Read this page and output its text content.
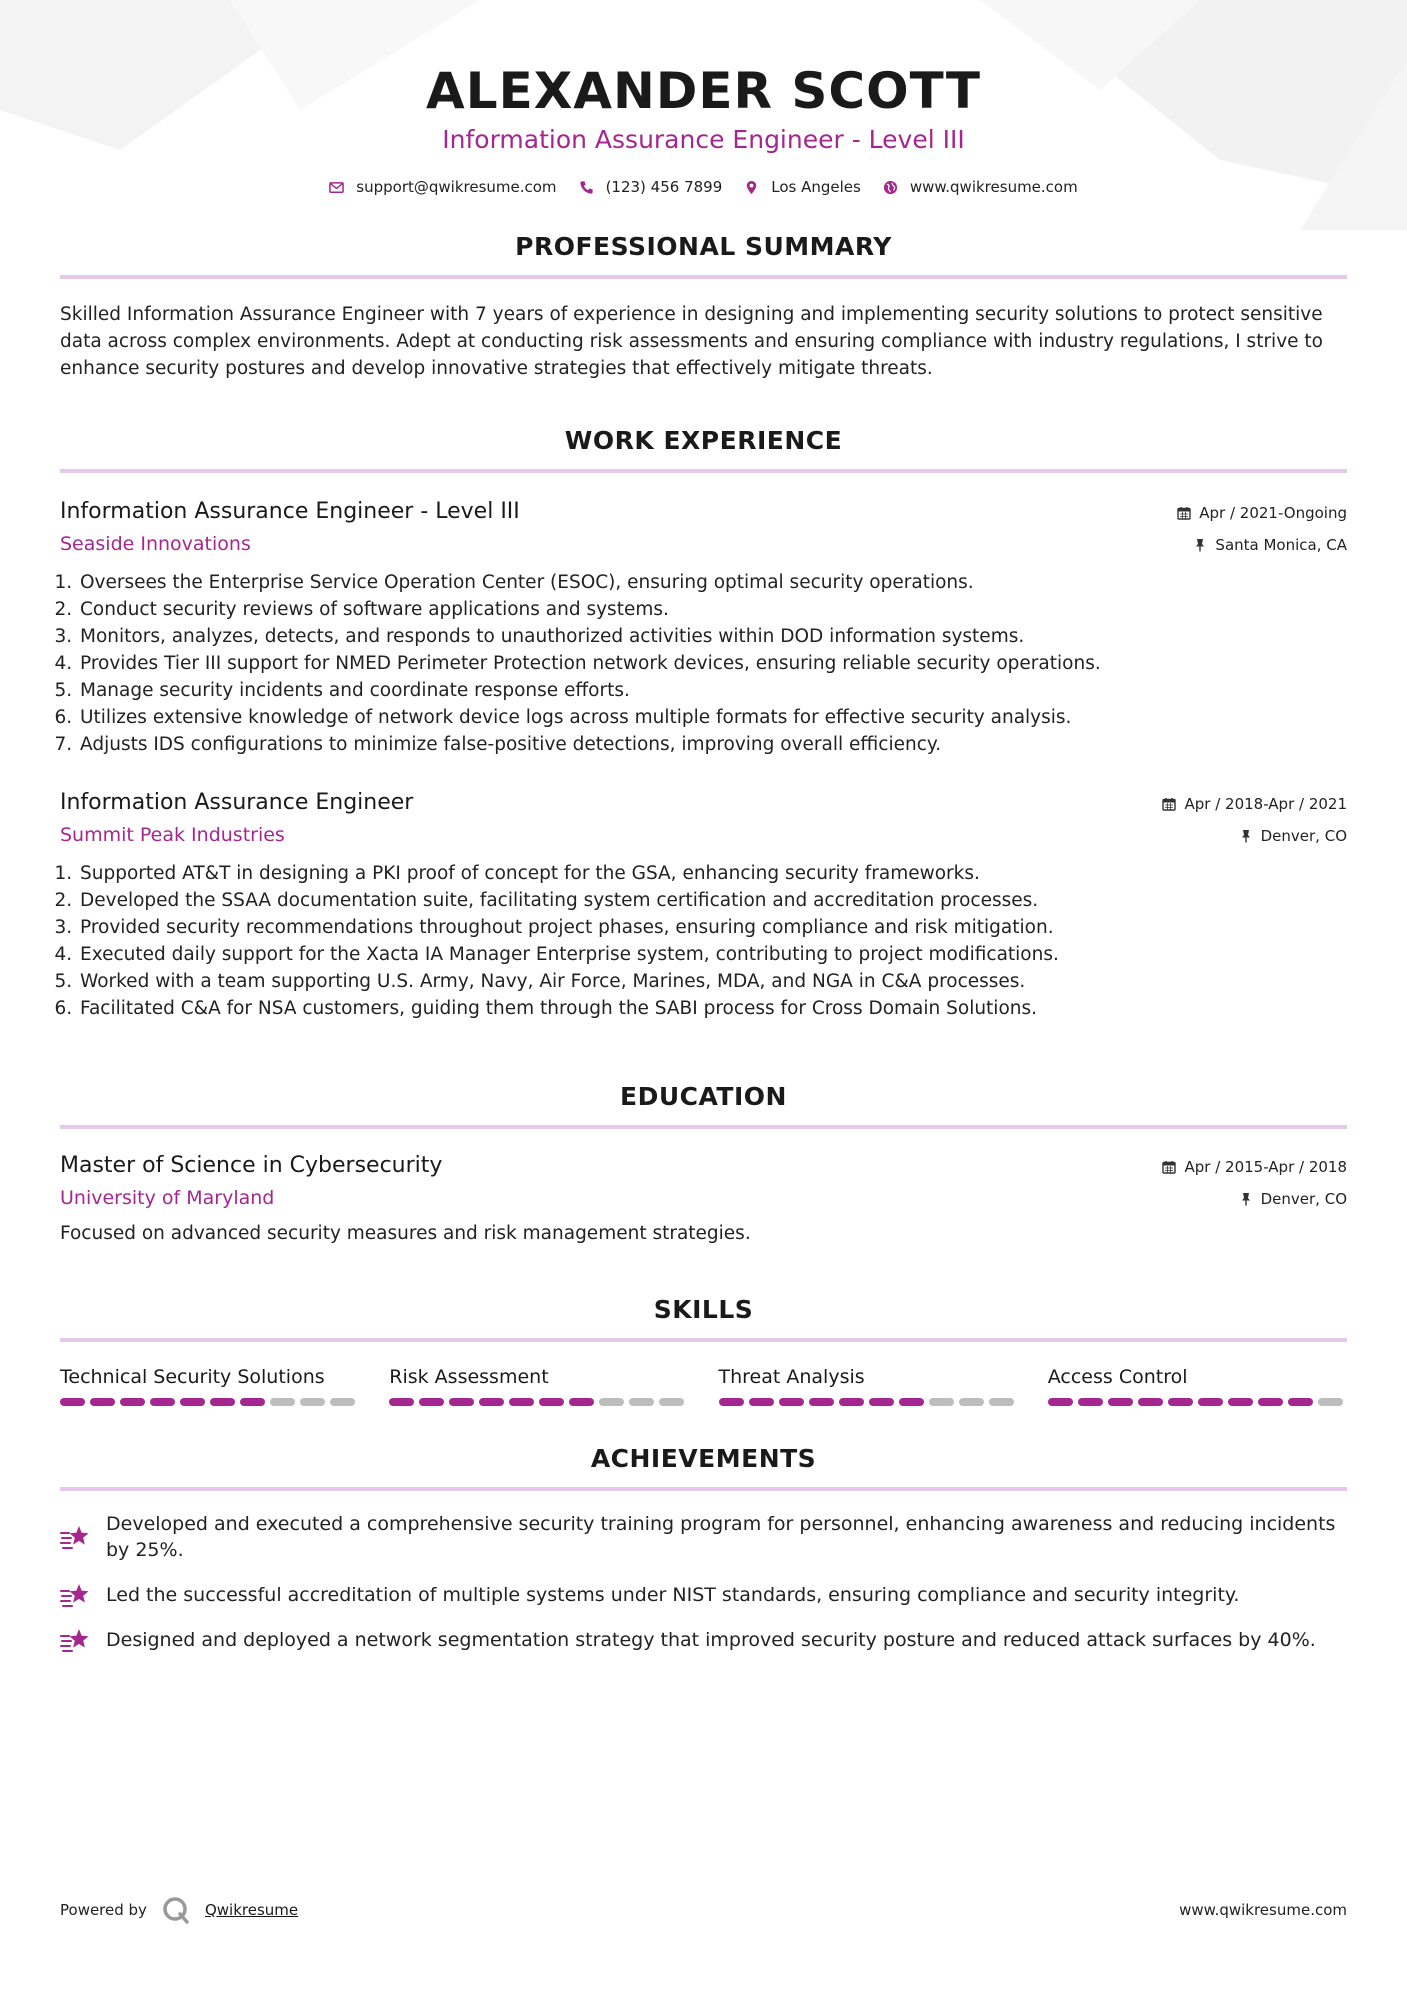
ALEXANDER SCOTT
Information Assurance Engineer - Level III
support@qwikresume.com	(123) 456 7899	Los Angeles	www.qwikresume.com
PROFESSIONAL SUMMARY
Skilled Information Assurance Engineer with 7 years of experience in designing and implementing security solutions to protect sensitive data across complex environments. Adept at conducting risk assessments and ensuring compliance with industry regulations, I strive to enhance security postures and develop innovative strategies that effectively mitigate threats.
WORK EXPERIENCE
Information Assurance Engineer - Level III
Seaside Innovations
Apr / 2021-Ongoing
Santa Monica, CA
1. Oversees the Enterprise Service Operation Center (ESOC), ensuring optimal security operations.
2. Conduct security reviews of software applications and systems.
3. Monitors, analyzes, detects, and responds to unauthorized activities within DOD information systems.
4. Provides Tier III support for NMED Perimeter Protection network devices, ensuring reliable security operations.
5. Manage security incidents and coordinate response efforts.
6. Utilizes extensive knowledge of network device logs across multiple formats for effective security analysis.
7. Adjusts IDS configurations to minimize false-positive detections, improving overall efficiency.
Information Assurance Engineer
Summit Peak Industries
Apr / 2018-Apr / 2021
Denver, CO
1. Supported AT&T in designing a PKI proof of concept for the GSA, enhancing security frameworks.
2. Developed the SSAA documentation suite, facilitating system certification and accreditation processes.
3. Provided security recommendations throughout project phases, ensuring compliance and risk mitigation.
4. Executed daily support for the Xacta IA Manager Enterprise system, contributing to project modifications.
5. Worked with a team supporting U.S. Army, Navy, Air Force, Marines, MDA, and NGA in C&A processes.
6. Facilitated C&A for NSA customers, guiding them through the SABI process for Cross Domain Solutions.
EDUCATION
Master of Science in Cybersecurity
University of Maryland
Apr / 2015-Apr / 2018
Denver, CO
Focused on advanced security measures and risk management strategies.
SKILLS
Technical Security Solutions	Risk Assessment	Threat Analysis	Access Control
ACHIEVEMENTS
Developed and executed a comprehensive security training program for personnel, enhancing awareness and reducing incidents by 25%.
Led the successful accreditation of multiple systems under NIST standards, ensuring compliance and security integrity.
Designed and deployed a network segmentation strategy that improved security posture and reduced attack surfaces by 40%.
Powered by	Qwikresume	www.qwikresume.com
